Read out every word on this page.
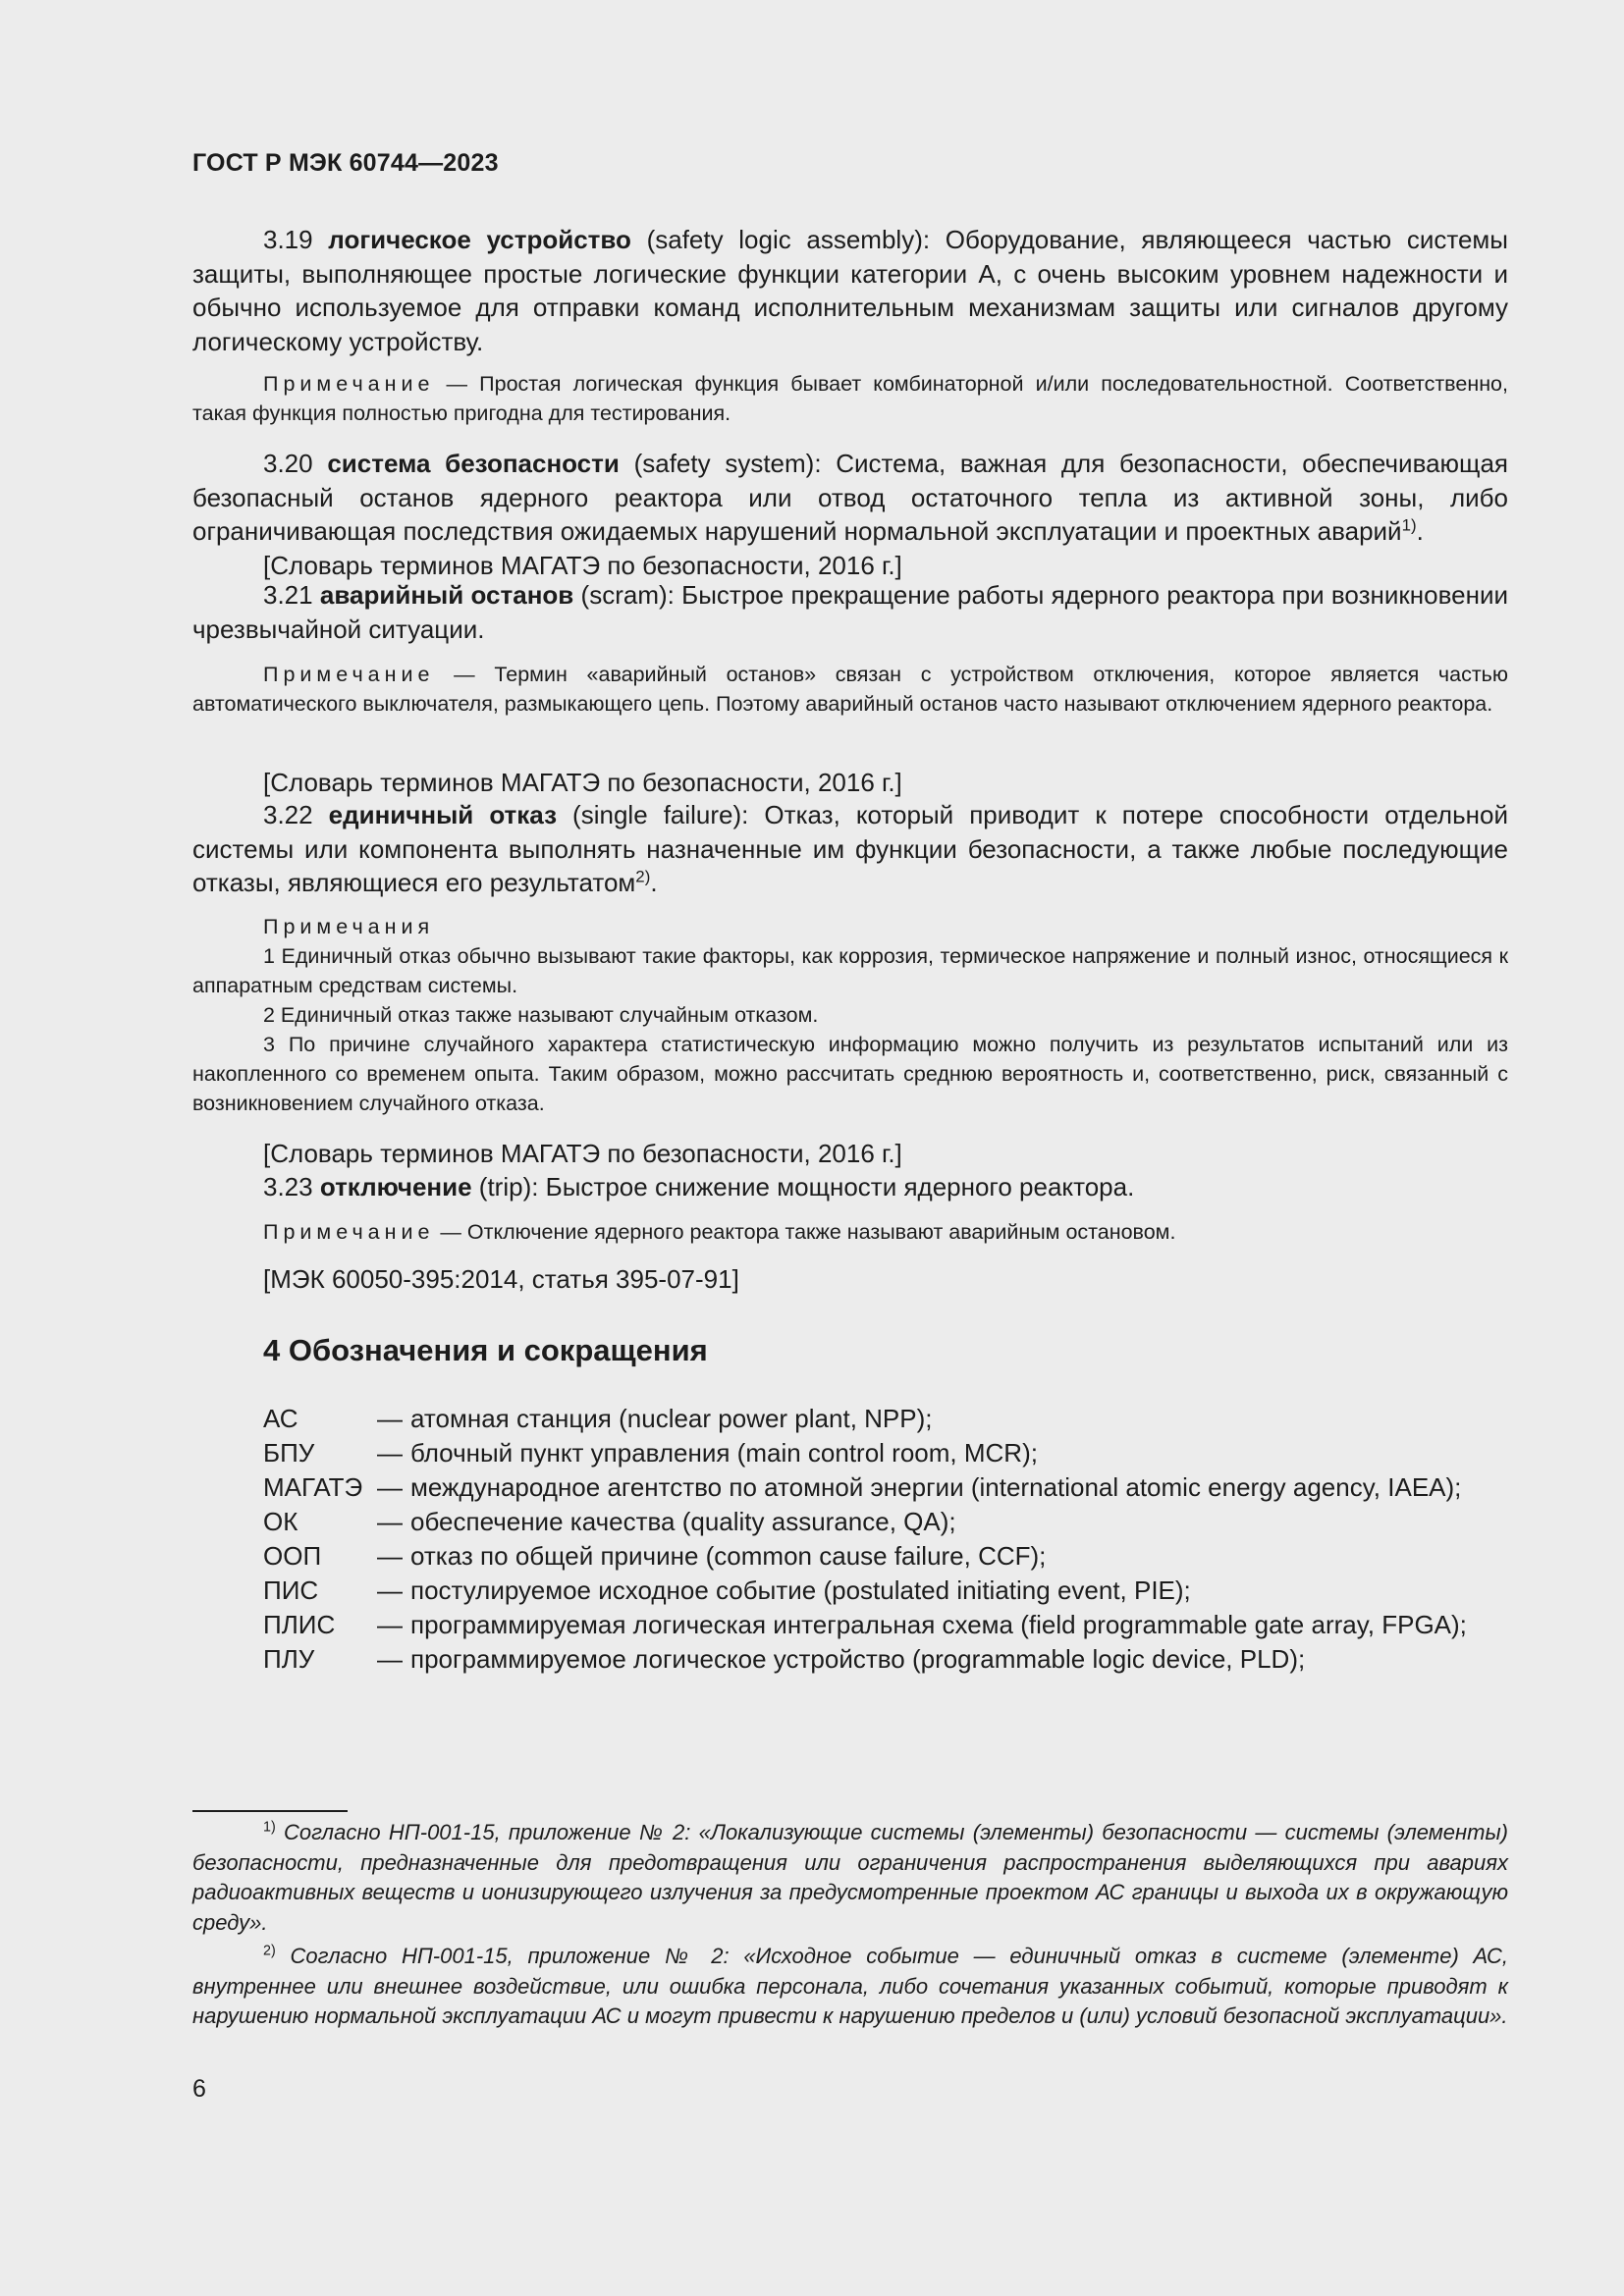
ГОСТ Р МЭК 60744—2023

3.19 логическое устройство (safety logic assembly): Оборудование, являющееся частью системы защиты, выполняющее простые логические функции категории А, с очень высоким уровнем надежности и обычно используемое для отправки команд исполнительным механизмам защиты или сигналов другому логическому устройству.

Примечание — Простая логическая функция бывает комбинаторной и/или последовательностной. Соответственно, такая функция полностью пригодна для тестирования.

3.20 система безопасности (safety system): Система, важная для безопасности, обеспечивающая безопасный останов ядерного реактора или отвод остаточного тепла из активной зоны, либо ограничивающая последствия ожидаемых нарушений нормальной эксплуатации и проектных аварий$^{1)}$.

[Словарь терминов МАГАТЭ по безопасности, 2016 г.]

3.21 аварийный останов (scram): Быстрое прекращение работы ядерного реактора при возникновении чрезвычайной ситуации.

Примечание — Термин «аварийный останов» связан с устройством отключения, которое является частью автоматического выключателя, размыкающего цепь. Поэтому аварийный останов часто называют отключением ядерного реактора.

[Словарь терминов МАГАТЭ по безопасности, 2016 г.]

3.22 единичный отказ (single failure): Отказ, который приводит к потере способности отдельной системы или компонента выполнять назначенные им функции безопасности, а также любые последующие отказы, являющиеся его результатом$^{2)}$.

Примечания

1 Единичный отказ обычно вызывают такие факторы, как коррозия, термическое напряжение и полный износ, относящиеся к аппаратным средствам системы.

2 Единичный отказ также называют случайным отказом.

3 По причине случайного характера статистическую информацию можно получить из результатов испытаний или из накопленного со временем опыта. Таким образом, можно рассчитать среднюю вероятность и, соответственно, риск, связанный с возникновением случайного отказа.

[Словарь терминов МАГАТЭ по безопасности, 2016 г.]

3.23 отключение (trip): Быстрое снижение мощности ядерного реактора.

Примечание — Отключение ядерного реактора также называют аварийным остановом.

[МЭК 60050-395:2014, статья 395-07-91]

4 Обозначения и сокращения
АС	— атомная станция (nuclear power plant, NPP);
БПУ	— блочный пункт управления (main control room, MCR);
МАГАТЭ — международное агентство по атомной энергии (international atomic energy agency, IAEA);
ОК	— обеспечение качества (quality assurance, QA);
ООП	— отказ по общей причине (common cause failure, CCF);
ПИС	— постулируемое исходное событие (postulated initiating event, PIE);
ПЛИС	— программируемая логическая интегральная схема (field programmable gate array, FPGA);
ПЛУ	— программируемое логическое устройство (programmable logic device, PLD);

$^{1)}$ Согласно НП-001-15, приложение № 2: «Локализующие системы (элементы) безопасности — системы (элементы) безопасности, предназначенные для предотвращения или ограничения распространения выделяющихся при авариях радиоактивных веществ и ионизирующего излучения за предусмотренные проектом АС границы и выхода их в окружающую среду».

$^{2)}$ Согласно НП-001-15, приложение № 2: «Исходное событие — единичный отказ в системе (элементе) АС, внутреннее или внешнее воздействие, или ошибка персонала, либо сочетания указанных событий, которые приводят к нарушению нормальной эксплуатации АС и могут привести к нарушению пределов и (или) условий безопасной эксплуатации».

6
